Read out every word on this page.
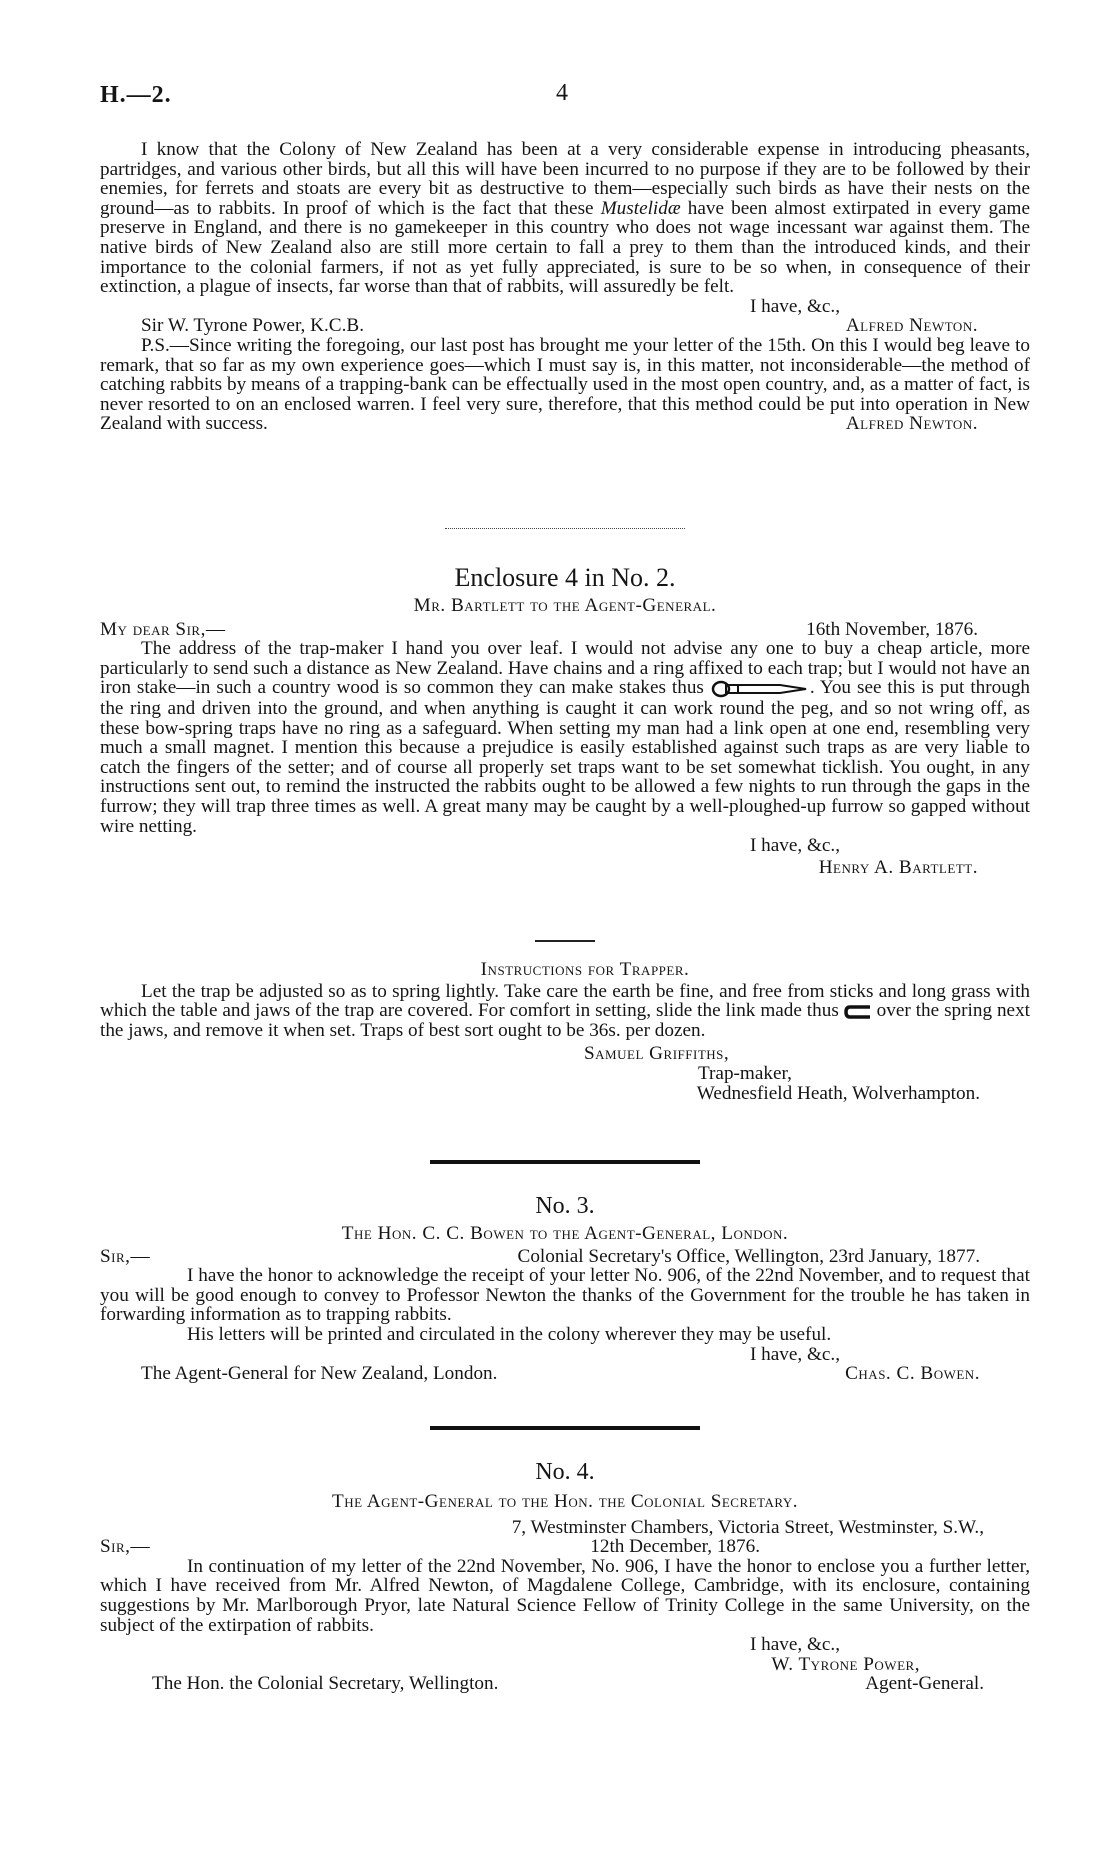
H.—2.	4

I know that the Colony of New Zealand has been at a very considerable expense in introducing pheasants, partridges, and various other birds, but all this will have been incurred to no purpose if they are to be followed by their enemies, for ferrets and stoats are every bit as destructive to them—especially such birds as have their nests on the ground—as to rabbits. In proof of which is the fact that these Mustelidæ have been almost extirpated in every game preserve in England, and there is no gamekeeper in this country who does not wage incessant war against them. The native birds of New Zealand also are still more certain to fall a prey to them than the introduced kinds, and their importance to the colonial farmers, if not as yet fully appreciated, is sure to be so when, in consequence of their extinction, a plague of insects, far worse than that of rabbits, will assuredly be felt.

I have, &c.,
Sir W. Tyrone Power, K.C.B.	Alfred Newton.

P.S.—Since writing the foregoing, our last post has brought me your letter of the 15th. On this I would beg leave to remark, that so far as my own experience goes—which I must say is, in this matter, not inconsiderable—the method of catching rabbits by means of a trapping-bank can be effectually used in the most open country, and, as a matter of fact, is never resorted to on an enclosed warren. I feel very sure, therefore, that this method could be put into operation in New Zealand with success.	Alfred Newton.
Enclosure 4 in No. 2.
Mr. Bartlett to the Agent-General.
My dear Sir,—	16th November, 1876.

The address of the trap-maker I hand you over leaf. I would not advise any one to buy a cheap article, more particularly to send such a distance as New Zealand. Have chains and a ring affixed to each trap; but I would not have an iron stake—in such a country wood is so common they can make stakes thus	. You see this is put through the ring and driven into the ground, and when anything is caught it can work round the peg, and so not wring off, as these bow-spring traps have no ring as a safeguard. When setting my man had a link open at one end, resembling very much a small magnet. I mention this because a prejudice is easily established against such traps as are very liable to catch the fingers of the setter; and of course all properly set traps want to be set somewhat ticklish. You ought, in any instructions sent out, to remind the instructed the rabbits ought to be allowed a few nights to run through the gaps in the furrow; they will trap three times as well. A great many may be caught by a well-ploughed-up furrow so gapped without wire netting.

I have, &c.,
Henry A. Bartlett.
Instructions for Trapper.

Let the trap be adjusted so as to spring lightly. Take care the earth be fine, and free from sticks and long grass with which the table and jaws of the trap are covered. For comfort in setting, slide the link made thus over the spring next the jaws, and remove it when set. Traps of best sort ought to be 36s. per dozen.

Samuel Griffiths,
Trap-maker,
Wednesfield Heath, Wolverhampton.
No. 3.
The Hon. C. C. Bowen to the Agent-General, London.
Sir,—	Colonial Secretary's Office, Wellington, 23rd January, 1877.

I have the honor to acknowledge the receipt of your letter No. 906, of the 22nd November, and to request that you will be good enough to convey to Professor Newton the thanks of the Government for the trouble he has taken in forwarding information as to trapping rabbits.

His letters will be printed and circulated in the colony wherever they may be useful.

I have, &c.,
The Agent-General for New Zealand, London.	Chas. C. Bowen.
No. 4.
The Agent-General to the Hon. the Colonial Secretary.
7, Westminster Chambers, Victoria Street, Westminster, S.W.,
Sir,—	12th December, 1876.

In continuation of my letter of the 22nd November, No. 906, I have the honor to enclose you a further letter, which I have received from Mr. Alfred Newton, of Magdalene College, Cambridge, with its enclosure, containing suggestions by Mr. Marlborough Pryor, late Natural Science Fellow of Trinity College in the same University, on the subject of the extirpation of rabbits.

I have, &c.,
W. Tyrone Power,
The Hon. the Colonial Secretary, Wellington.	Agent-General.
